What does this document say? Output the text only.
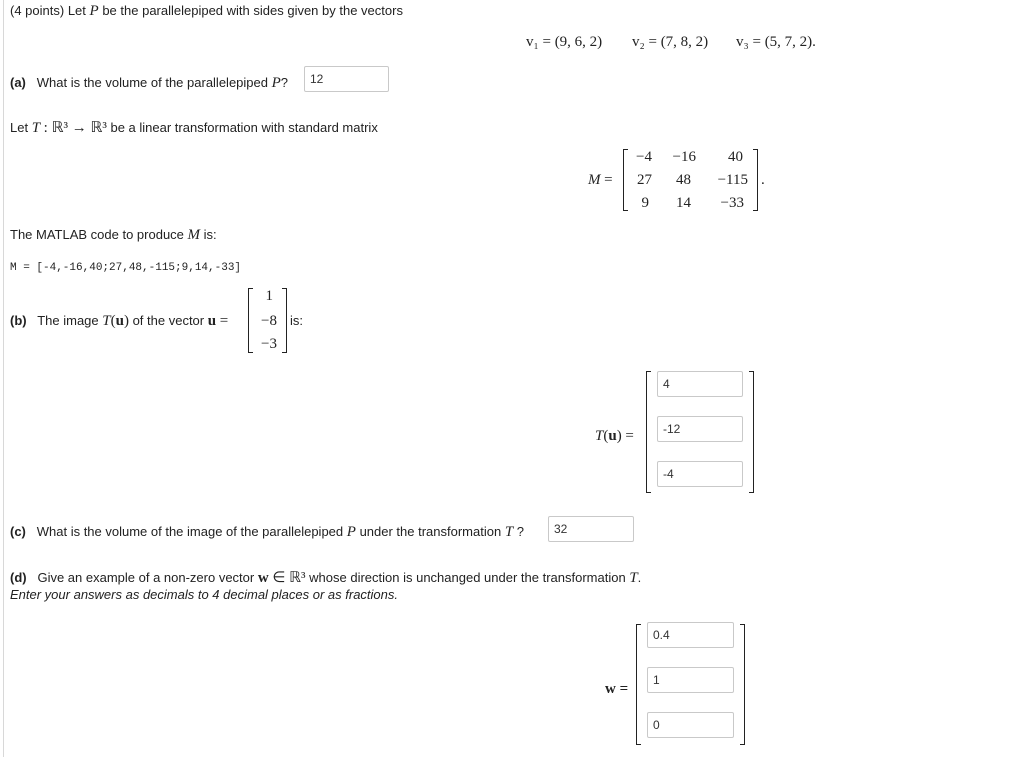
(4 points) Let P be the parallelepiped with sides given by the vectors
v₁ = (9, 6, 2) v₂ = (7, 8, 2) v₃ = (5, 7, 2).
(a) What is the volume of the parallelepiped P?	12
Let T : ℝ³ → ℝ³ be a linear transformation with standard matrix
M =
−4	−16	40
27	48	−115
9	14	−33
.
The MATLAB code to produce M is:
M = [-4,-16,40;27,48,-115;9,14,-33]
(b) The image T(u) of the vector u =
1
−8
−3
is:
T(u) =
4
-12
-4
(c) What is the volume of the image of the parallelepiped P under the transformation T ?	32
(d) Give an example of a non-zero vector w ∈ ℝ³ whose direction is unchanged under the transformation T.
Enter your answers as decimals to 4 decimal places or as fractions.
w =
0.4
1
0
